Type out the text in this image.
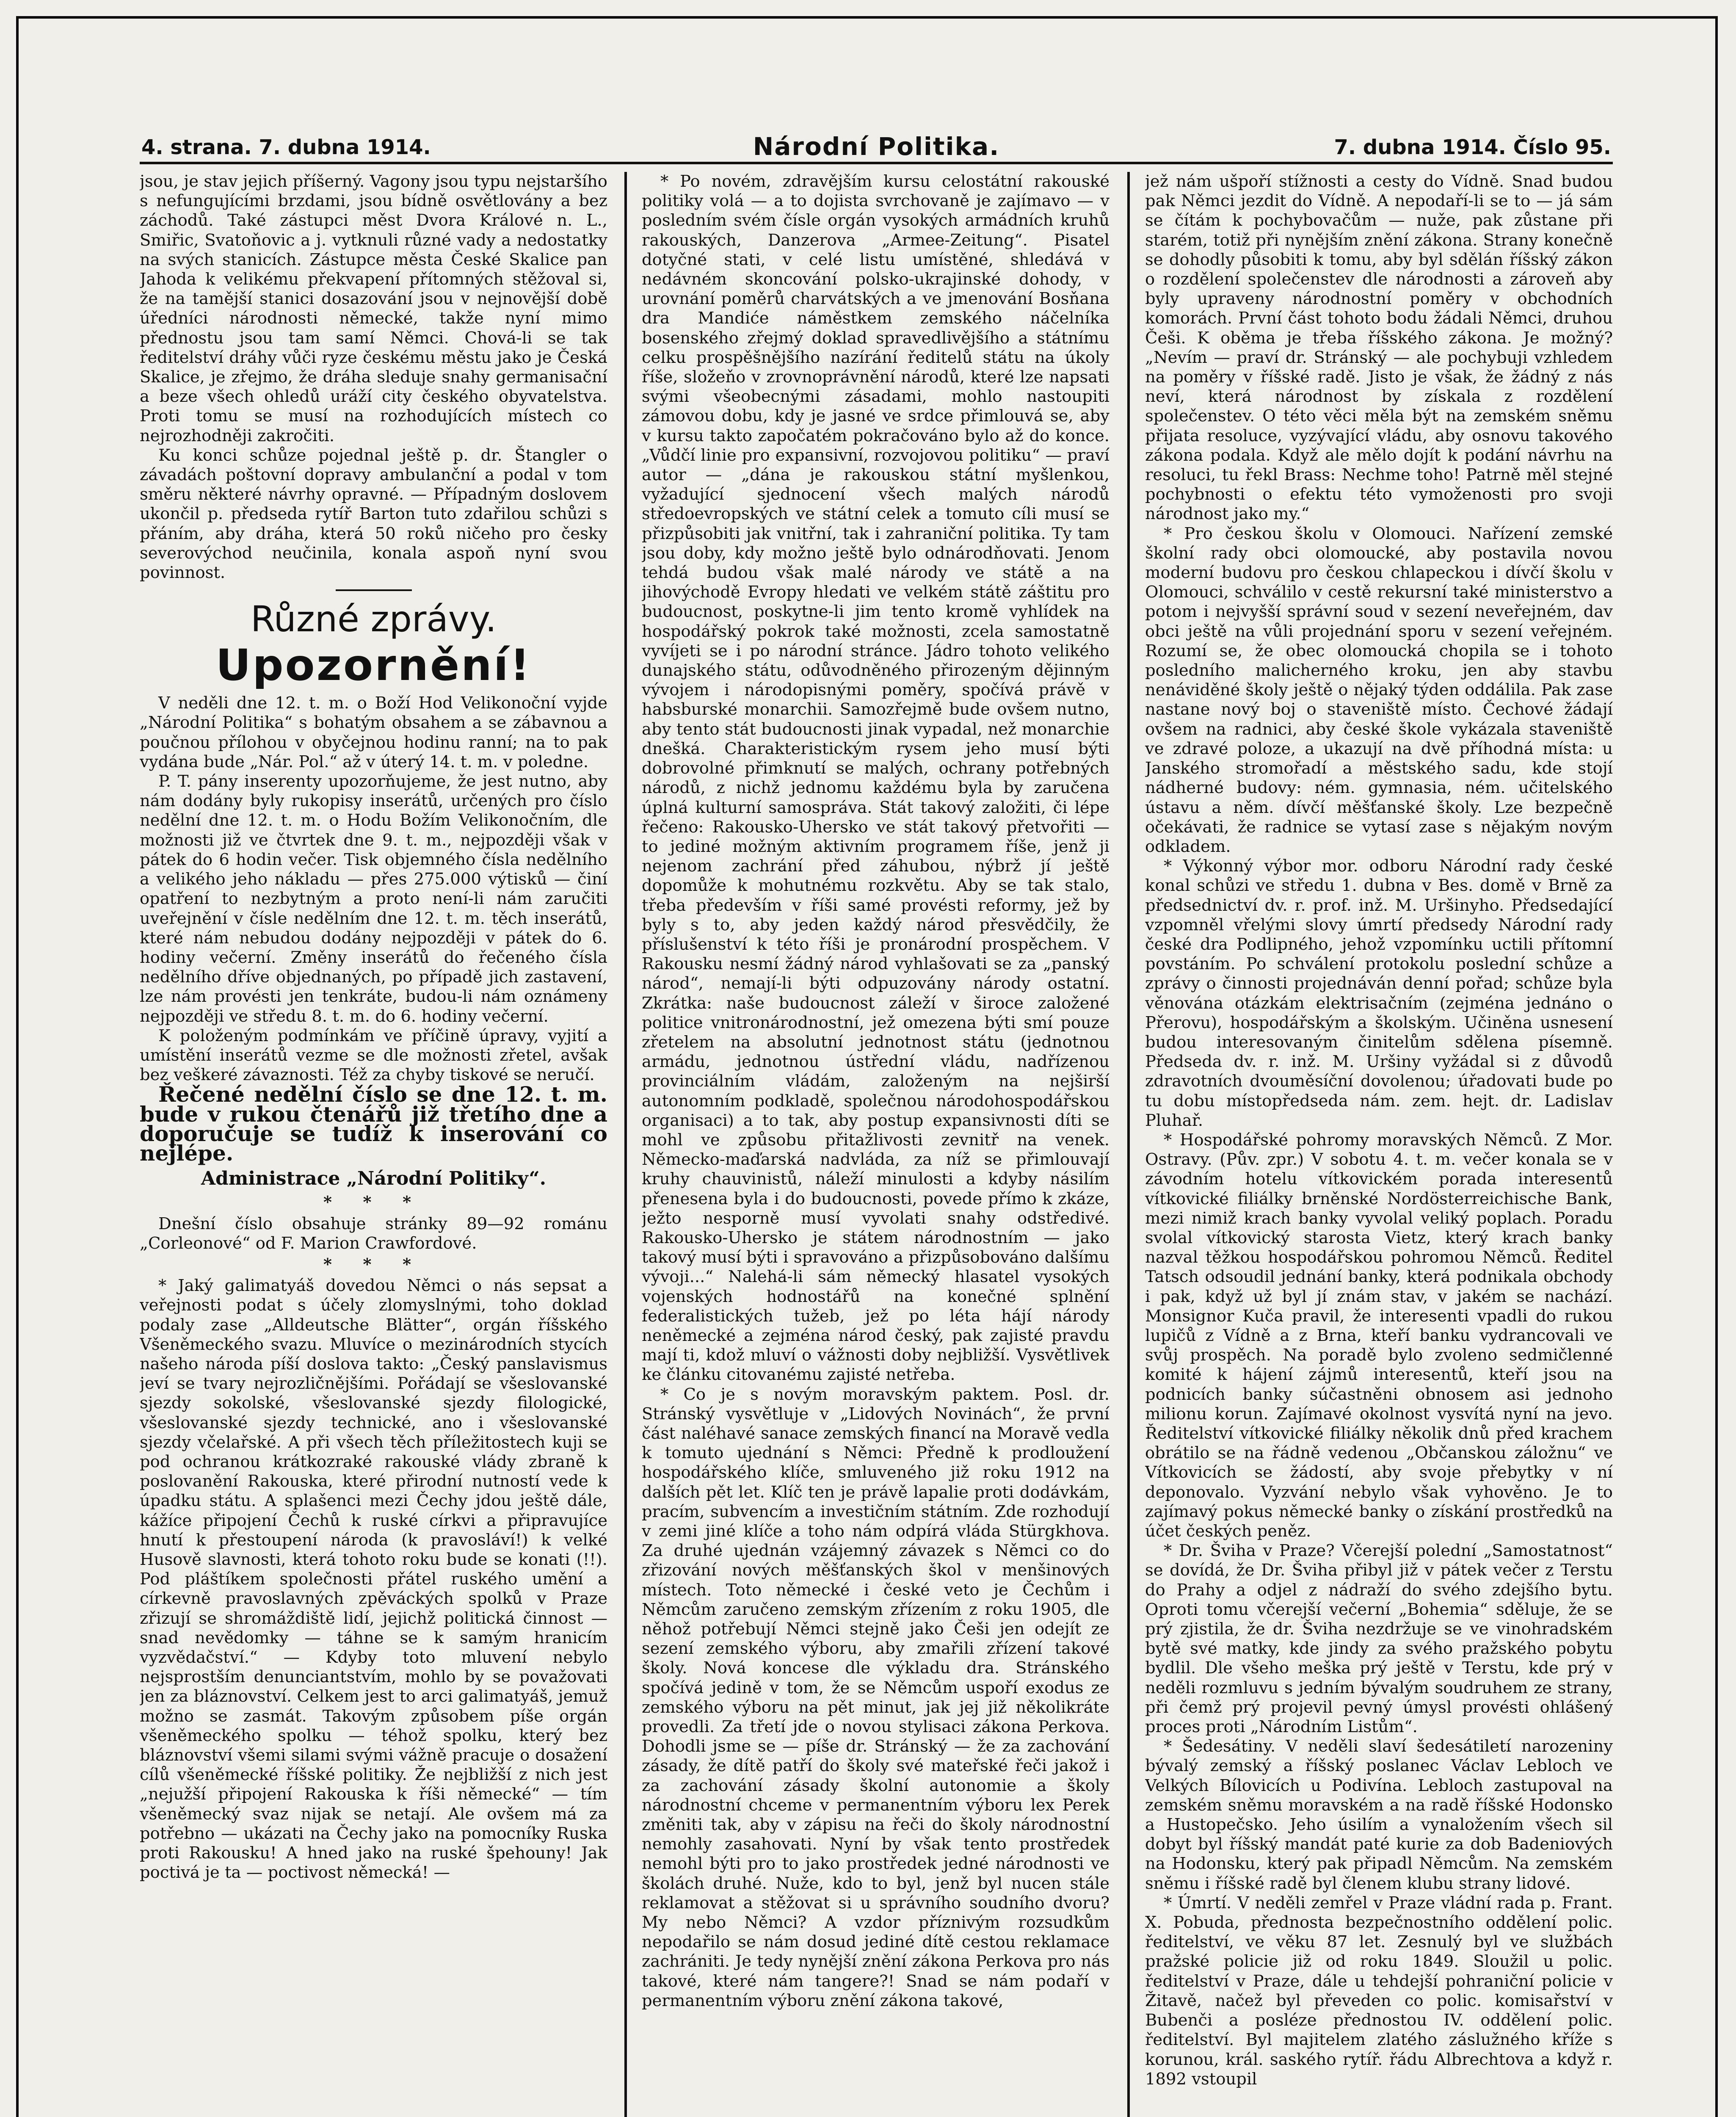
4. strana. 7. dubna 1914.	Národní Politika.	7. dubna 1914. Číslo 95.

jsou, je stav jejich příšerný. Vagony jsou typu nejstaršího s nefungujícími brzdami, jsou bídně osvětlovány a bez záchodů. Také zástupci měst Dvora Králové n. L., Smiřic, Svatoňovic a j. vytknuli různé vady a nedostatky na svých stanicích. Zástupce města České Skalice pan Jahoda k velikému překvapení přítomných stěžoval si, že na tamější stanici dosazování jsou v nejnovější době úředníci národnosti německé, takže nyní mimo přednostu jsou tam samí Němci. Chová-li se tak ředitelství dráhy vůči ryze českému městu jako je Česká Skalice, je zřejmo, že dráha sleduje snahy germanisační a beze všech ohledů uráží city českého obyvatelstva. Proti tomu se musí na rozhodujících místech co nejrozhodněji zakročiti.

Ku konci schůze pojednal ještě p. dr. Štangler o závadách poštovní dopravy ambulanční a podal v tom směru některé návrhy opravné. — Případným doslovem ukončil p. předseda rytíř Barton tuto zdařilou schůzi s přáním, aby dráha, která 50 roků ničeho pro česky severovýchod neučinila, konala aspoň nyní svou povinnost.

Různé zprávy.
Upozornění!

V neděli dne 12. t. m. o Boží Hod Velikonoční vyjde „Národní Politika“ s bohatým obsahem a se zábavnou a poučnou přílohou v obyčejnou hodinu ranní; na to pak vydána bude „Nár. Pol.“ až v úterý 14. t. m. v poledne.

P. T. pány inserenty upozorňujeme, že jest nutno, aby nám dodány byly rukopisy inserátů, určených pro číslo nedělní dne 12. t. m. o Hodu Božím Velikonočním, dle možnosti již ve čtvrtek dne 9. t. m., nejpozději však v pátek do 6 hodin večer. Tisk objemného čísla nedělního a velikého jeho nákladu — přes 275.000 výtisků — činí opatření to nezbytným a proto není-li nám zaručiti uveřejnění v čísle nedělním dne 12. t. m. těch inserátů, které nám nebudou dodány nejpozději v pátek do 6. hodiny večerní. Změny inserátů do řečeného čísla nedělního dříve objednaných, po případě jich zastavení, lze nám provésti jen tenkráte, budou-li nám oznámeny nejpozději ve středu 8. t. m. do 6. hodiny večerní.

K položeným podmínkám ve příčině úpravy, vyjití a umístění inserátů vezme se dle možnosti zřetel, avšak bez veškeré závaznosti. Též za chyby tiskové se neručí.

Řečené nedělní číslo se dne 12. t. m. bude v rukou čtenářů již třetího dne a doporučuje se tudíž k inserování co nejlépe.

Administrace „Národní Politiky“.
* * *

Dnešní číslo obsahuje stránky 89—92 románu „Corleonové“ od F. Marion Crawfordové.

* * *

* Jaký galimatyáš dovedou Němci o nás sepsat a veřejnosti podat s účely zlomyslnými, toho doklad podaly zase „Alldeutsche Blätter“, orgán říšského Všeněmeckého svazu. Mluvíce o mezinárodních stycích našeho národa píší doslova takto: „Český panslavismus jeví se tvary nejrozličnějšími. Pořádají se všeslovanské sjezdy sokolské, všeslovanské sjezdy filologické, všeslovanské sjezdy technické, ano i všeslovanské sjezdy včelařské. A při všech těch příležitostech kuji se pod ochranou krátkozraké rakouské vlády zbraně k poslovanění Rakouska, které přirodní nutností vede k úpadku státu. A splašenci mezi Čechy jdou ještě dále, kážíce připojení Čechů k ruské církvi a připravujíce hnutí k přestoupení národa (k pravosláví!) k velké Husově slavnosti, která tohoto roku bude se konati (!!). Pod pláštíkem společnosti přátel ruského umění a církevně pravoslavných zpěváckých spolků v Praze zřizují se shromáždiště lidí, jejichž politická činnost — snad nevědomky — táhne se k samým hranicím vyzvědačství.“ — Kdyby toto mluvení nebylo nejsprostším denunciantstvím, mohlo by se považovati jen za bláznovství. Celkem jest to arci galimatyáš, jemuž možno se zasmát. Takovým způsobem píše orgán všeněmeckého spolku — téhož spolku, který bez bláznovství všemi silami svými vážně pracuje o dosažení cílů všeněmecké říšské politiky. Že nejbližší z nich jest „nejužší připojení Rakouska k říši německé“ — tím všeněmecký svaz nijak se netají. Ale ovšem má za potřebno — ukázati na Čechy jako na pomocníky Ruska proti Rakousku! A hned jako na ruské špehouny! Jak poctivá je ta — poctivost německá! —

* Po novém, zdravějším kursu celostátní rakouské politiky volá — a to dojista svrchovaně je zajímavo — v posledním svém čísle orgán vysokých armádních kruhů rakouských, Danzerova „Armee-Zeitung“. Pisatel dotyčné stati, v celé listu umístěné, shledává v nedávném skoncování polsko-ukrajinské dohody, v urovnání poměrů charvátských a ve jmenování Bosňana dra Mandiće náměstkem zemského náčelníka bosenského zřejmý doklad spravedlivějšího a státnímu celku prospěšnějšího nazírání ředitelů státu na úkoly říše, složeňo v zrovnoprávnění národů, které lze napsati svými všeobecnými zásadami, mohlo nastoupiti zámovou dobu, kdy je jasné ve srdce přimlouvá se, aby v kursu takto započatém pokračováno bylo až do konce. „Vůdčí linie pro expansivní, rozvojovou politiku“ — praví autor — „dána je rakouskou státní myšlenkou, vyžadující sjednocení všech malých národů středoevropských ve státní celek a tomuto cíli musí se přizpůsobiti jak vnitřní, tak i zahraniční politika. Ty tam jsou doby, kdy možno ještě bylo odnárodňovati. Jenom tehdá budou však malé národy ve státě a na jihovýchodě Evropy hledati ve velkém státě záštitu pro budoucnost, poskytne-li jim tento kromě vyhlídek na hospodářský pokrok také možnosti, zcela samostatně vyvíjeti se i po národní stránce. Jádro tohoto velikého dunajského státu, odůvodněného přirozeným dějinným vývojem i národopisnými poměry, spočívá právě v habsburské monarchii. Samozřejmě bude ovšem nutno, aby tento stát budoucnosti jinak vypadal, než monarchie dnešká. Charakteristickým rysem jeho musí býti dobrovolné přimknutí se malých, ochrany potřebných národů, z nichž jednomu každému byla by zaručena úplná kulturní samospráva. Stát takový založiti, či lépe řečeno: Rakousko-Uhersko ve stát takový přetvořiti — to jediné možným aktivním programem říše, jenž ji nejenom zachrání před záhubou, nýbrž jí ještě dopomůže k mohutnému rozkvětu. Aby se tak stalo, třeba především v říši samé provésti reformy, jež by byly s to, aby jeden každý národ přesvědčily, že příslušenství k této říši je pronárodní prospěchem. V Rakousku nesmí žádný národ vyhlašovati se za „panský národ“, nemají-li býti odpuzovány národy ostatní. Zkrátka: naše budoucnost záleží v široce založené politice vnitronárodnostní, jež omezena býti smí pouze zřetelem na absolutní jednotnost státu (jednotnou armádu, jednotnou ústřední vládu, nadřízenou provinciálním vládám, založeným na nejširší autonomním podkladě, společnou národohospodářskou organisaci) a to tak, aby postup expansivnosti díti se mohl ve způsobu přitažlivosti zevnitř na venek. Německo-maďarská nadvláda, za níž se přimlouvají kruhy chauvinistů, náleží minulosti a kdyby násilím přenesena byla i do budoucnosti, povede přímo k zkáze, ježto nesporně musí vyvolati snahy odstředivé. Rakousko-Uhersko je státem národnostním — jako takový musí býti i spravováno a přizpůsobováno dalšímu vývoji...“ Nalehá-li sám německý hlasatel vysokých vojenských hodnostářů na konečné splnění federalistických tužeb, jež po léta hájí národy neněmecké a zejména národ český, pak zajisté pravdu mají ti, kdož mluví o vážnosti doby nejbližší. Vysvětlivek ke článku citovanému zajisté netřeba.

* Co je s novým moravským paktem. Posl. dr. Stránský vysvětluje v „Lidových Novinách“, že první část naléhavé sanace zemských financí na Moravě vedla k tomuto ujednání s Němci: Předně k prodloužení hospodářského klíče, smluveného již roku 1912 na dalších pět let. Klíč ten je právě lapalie proti dodávkám, pracím, subvencím a investičním státním. Zde rozhodují v zemi jiné klíče a toho nám odpírá vláda Stürgkhova. Za druhé ujednán vzájemný závazek s Němci co do zřizování nových měšťanských škol v menšinových místech. Toto německé i české veto je Čechům i Němcům zaručeno zemským zřízením z roku 1905, dle něhož potřebují Němci stejně jako Češi jen odejít ze sezení zemského výboru, aby zmařili zřízení takové školy. Nová koncese dle výkladu dra. Stránského spočívá jedině v tom, že se Němcům uspoří exodus ze zemského výboru na pět minut, jak jej již několikráte provedli. Za třetí jde o novou stylisaci zákona Perkova. Dohodli jsme se — píše dr. Stránský — že za zachování zásady, že dítě patří do školy své mateřské řeči jakož i za zachování zásady školní autonomie a školy národnostní chceme v permanentním výboru lex Perek změniti tak, aby v zápisu na řeči do školy národnostní nemohly zasahovati. Nyní by však tento prostředek nemohl býti pro to jako prostředek jedné národnosti ve školách druhé. Nuže, kdo to byl, jenž byl nucen stále reklamovat a stěžovat si u správního soudního dvoru? My nebo Němci? A vzdor příznivým rozsudkům nepodařilo se nám dosud jediné dítě cestou reklamace zachrániti. Je tedy nynější znění zákona Perkova pro nás takové, které nám tangere?! Snad se nám podaří v permanentním výboru znění zákona takové,

jež nám ušpoří stížnosti a cesty do Vídně. Snad budou pak Němci jezdit do Vídně. A nepodaří-li se to — já sám se čítám k pochybovačům — nuže, pak zůstane při starém, totiž při nynějším znění zákona. Strany konečně se dohodly působiti k tomu, aby byl sdělán říšský zákon o rozdělení společenstev dle národnosti a zároveň aby byly upraveny národnostní poměry v obchodních komorách. První část tohoto bodu žádali Němci, druhou Češi. K oběma je třeba říšského zákona. Je možný? „Nevím — praví dr. Stránský — ale pochybuji vzhledem na poměry v říšské radě. Jisto je však, že žádný z nás neví, která národnost by získala z rozdělení společenstev. O této věci měla být na zemském sněmu přijata resoluce, vyzývající vládu, aby osnovu takového zákona podala. Když ale mělo dojít k podání návrhu na resoluci, tu řekl Brass: Nechme toho! Patrně měl stejné pochybnosti o efektu této vymoženosti pro svoji národnost jako my.“

* Pro českou školu v Olomouci. Nařízení zemské školní rady obci olomoucké, aby postavila novou moderní budovu pro českou chlapeckou i dívčí školu v Olomouci, schválilo v cestě rekursní také ministerstvo a potom i nejvyšší správní soud v sezení neveřejném, dav obci ještě na vůli projednání sporu v sezení veřejném. Rozumí se, že obec olomoucká chopila se i tohoto posledního malicherného kroku, jen aby stavbu nenáviděné školy ještě o nějaký týden oddálila. Pak zase nastane nový boj o staveniště místo. Čechové žádají ovšem na radnici, aby české škole vykázala staveniště ve zdravé poloze, a ukazují na dvě příhodná místa: u Janského stromořadí a městského sadu, kde stojí nádherné budovy: ném. gymnasia, ném. učitelského ústavu a něm. dívčí měšťanské školy. Lze bezpečně očekávati, že radnice se vytasí zase s nějakým novým odkladem.

* Výkonný výbor mor. odboru Národní rady české konal schůzi ve středu 1. dubna v Bes. domě v Brně za předsednictví dv. r. prof. inž. M. Uršinyho. Předsedající vzpomněl vřelými slovy úmrtí předsedy Národní rady české dra Podlipného, jehož vzpomínku uctili přítomní povstáním. Po schválení protokolu poslední schůze a zprávy o činnosti projednáván denní pořad; schůze byla věnována otázkám elektrisačním (zejména jednáno o Přerovu), hospodářským a školským. Učiněna usnesení budou interesovaným činitelům sdělena písemně. Předseda dv. r. inž. M. Uršiny vyžádal si z důvodů zdravotních dvouměsíční dovolenou; úřadovati bude po tu dobu místopředseda nám. zem. hejt. dr. Ladislav Pluhař.

* Hospodářské pohromy moravských Němců. Z Mor. Ostravy. (Pův. zpr.) V sobotu 4. t. m. večer konala se v závodním hotelu vítkovickém porada interesentů vítkovické filiálky brněnské Nordösterreichische Bank, mezi nimiž krach banky vyvolal veliký poplach. Poradu svolal vítkovický starosta Vietz, který krach banky nazval těžkou hospodářskou pohromou Němců. Ředitel Tatsch odsoudil jednání banky, která podnikala obchody i pak, když už byl jí znám stav, v jakém se nachází. Monsignor Kuča pravil, že interesenti vpadli do rukou lupičů z Vídně a z Brna, kteří banku vydrancovali ve svůj prospěch. Na poradě bylo zvoleno sedmičlenné komité k hájení zájmů interesentů, kteří jsou na podnicích banky súčastněni obnosem asi jednoho milionu korun. Zajímavé okolnost vysvítá nyní na jevo. Ředitelství vítkovické filiálky několik dnů před krachem obrátilo se na řádně vedenou „Občanskou záložnu“ ve Vítkovicích se žádostí, aby svoje přebytky v ní deponovalo. Vyzvání nebylo však vyhověno. Je to zajímavý pokus německé banky o získání prostředků na účet českých peněz.

* Dr. Šviha v Praze? Včerejší polední „Samostatnost“ se dovídá, že Dr. Šviha přibyl již v pátek večer z Terstu do Prahy a odjel z nádraží do svého zdejšího bytu. Oproti tomu včerejší večerní „Bohemia“ sděluje, že se prý zjistila, že dr. Šviha nezdržuje se ve vinohradském bytě své matky, kde jindy za svého pražského pobytu bydlil. Dle všeho meška prý ještě v Terstu, kde prý v neděli rozmluvu s jedním bývalým soudruhem ze strany, při čemž prý projevil pevný úmysl provésti ohlášený proces proti „Národním Listům“.

* Šedesátiny. V neděli slaví šedesátiletí narozeniny bývalý zemský a říšský poslanec Václav Lebloch ve Velkých Bílovicích u Podivína. Lebloch zastupoval na zemském sněmu moravském a na radě říšské Hodonsko a Hustopečsko. Jeho úsilím a vynaložením všech sil dobyt byl říšský mandát paté kurie za dob Badeniových na Hodonsku, který pak připadl Němcům. Na zemském sněmu i říšské radě byl členem klubu strany lidové.

* Úmrtí. V neděli zemřel v Praze vládní rada p. Frant. X. Pobuda, přednosta bezpečnostního oddělení polic. ředitelství, ve věku 87 let. Zesnulý byl ve službách pražské policie již od roku 1849. Sloužil u polic. ředitelství v Praze, dále u tehdejší pohraniční policie v Žitavě, načež byl převeden co polic. komisařství v Bubenči a posléze přednostou IV. oddělení polic. ředitelství. Byl majitelem zlatého záslužného kříže s korunou, král. saského rytíř. řádu Albrechtova a když r. 1892 vstoupil
